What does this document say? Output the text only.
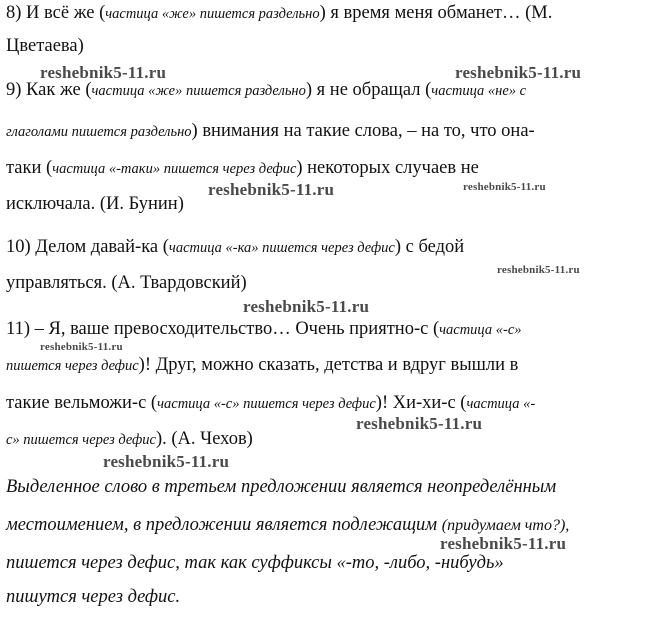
8) И всё же (частица «же» пишется раздельно) я время меня обманет… (М.
Цветаева)
9) Как же (частица «же» пишется раздельно) я не обращал (частица «не» с
глаголами пишется раздельно) внимания на такие слова, – на то, что она-
таки (частица «-таки» пишется через дефис) некоторых случаев не
исключала. (И. Бунин)
10) Делом давай-ка (частица «-ка» пишется через дефис) с бедой
управляться. (А. Твардовский)
11) – Я, ваше превосходительство… Очень приятно-с (частица «-с»
пишется через дефис)! Друг, можно сказать, детства и вдруг вышли в
такие вельможи-с (частица «-с» пишется через дефис)! Хи-хи-с (частица «-
с» пишется через дефис). (А. Чехов)
Выделенное слово в третьем предложении является неопределённым
местоимением, в предложении является подлежащим (придумаем что?),
пишется через дефис, так как суффиксы «-то, -либо, -нибудь»
пишутся через дефис.
reshebnik5-11.ru	reshebnik5-11.ru
reshebnik5-11.ru	reshebnik5-11.ru
reshebnik5-11.ru
reshebnik5-11.ru
reshebnik5-11.ru
reshebnik5-11.ru
reshebnik5-11.ru
reshebnik5-11.ru
